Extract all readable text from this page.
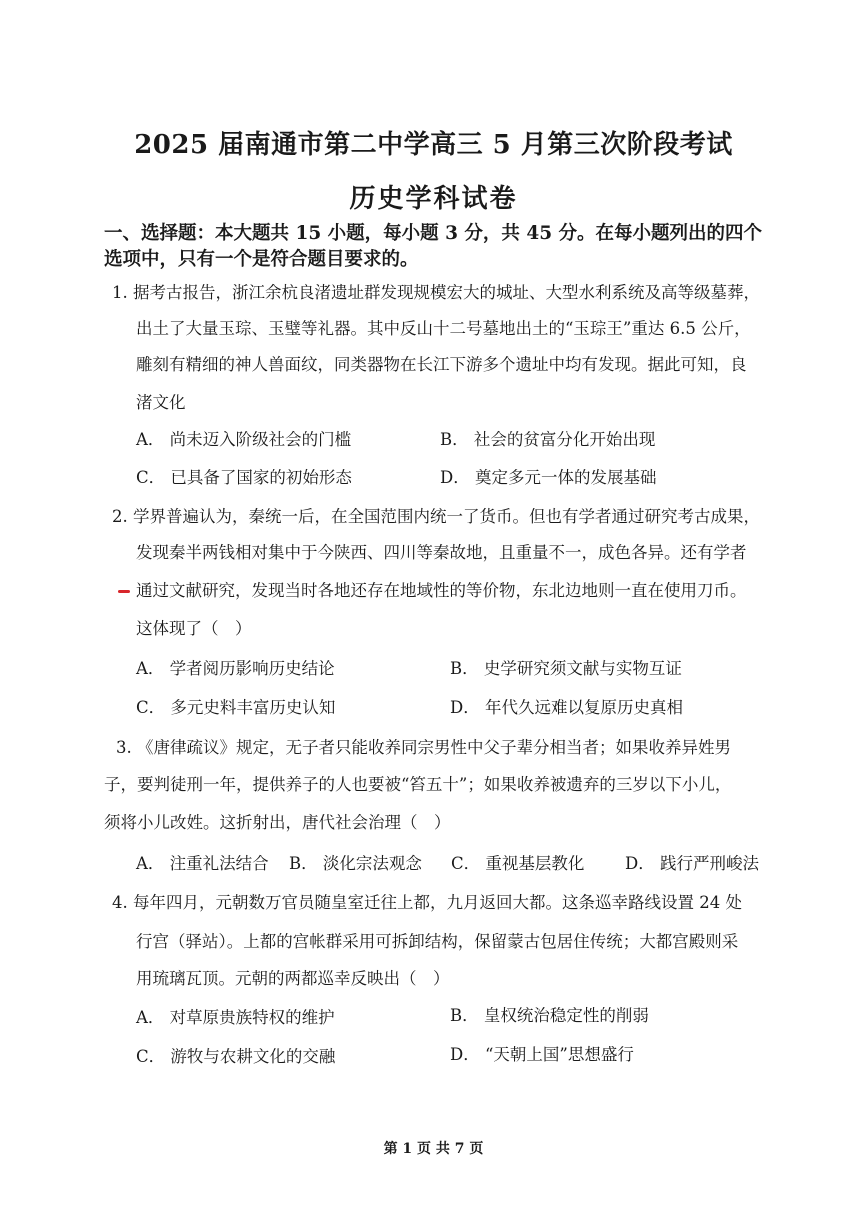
2025 届南通市第二中学高三 5 月第三次阶段考试
历史学科试卷
一、选择题：本大题共 15 小题，每小题 3 分，共 45 分。在每小题列出的四个
选项中，只有一个是符合题目要求的。
1. 据考古报告，浙江余杭良渚遗址群发现规模宏大的城址、大型水利系统及高等级墓葬，
出土了大量玉琮、玉璧等礼器。其中反山十二号墓地出土的“玉琮王”重达 6.5 公斤，
雕刻有精细的神人兽面纹，同类器物在长江下游多个遗址中均有发现。据此可知，良
渚文化
A． 尚未迈入阶级社会的门槛	B． 社会的贫富分化开始出现
C． 已具备了国家的初始形态	D． 奠定多元一体的发展基础
2. 学界普遍认为，秦统一后，在全国范围内统一了货币。但也有学者通过研究考古成果，
发现秦半两钱相对集中于今陕西、四川等秦故地，且重量不一，成色各异。还有学者
通过文献研究，发现当时各地还存在地域性的等价物，东北边地则一直在使用刀币。
这体现了（　）
A． 学者阅历影响历史结论	B． 史学研究须文献与实物互证
C． 多元史料丰富历史认知	D． 年代久远难以复原历史真相
3. 《唐律疏议》规定，无子者只能收养同宗男性中父子辈分相当者；如果收养异姓男
子，要判徒刑一年，提供养子的人也要被“笞五十”；如果收养被遗弃的三岁以下小儿，
须将小儿改姓。这折射出，唐代社会治理（　）
A． 注重礼法结合 B． 淡化宗法观念 C． 重视基层教化 D． 践行严刑峻法
4. 每年四月，元朝数万官员随皇室迁往上都，九月返回大都。这条巡幸路线设置 24 处
行宫（驿站）。上都的宫帐群采用可拆卸结构，保留蒙古包居住传统；大都宫殿则采
用琉璃瓦顶。元朝的两都巡幸反映出（　）
A． 对草原贵族特权的维护	B． 皇权统治稳定性的削弱
C． 游牧与农耕文化的交融	D． “天朝上国”思想盛行
第 1 页 共 7 页
